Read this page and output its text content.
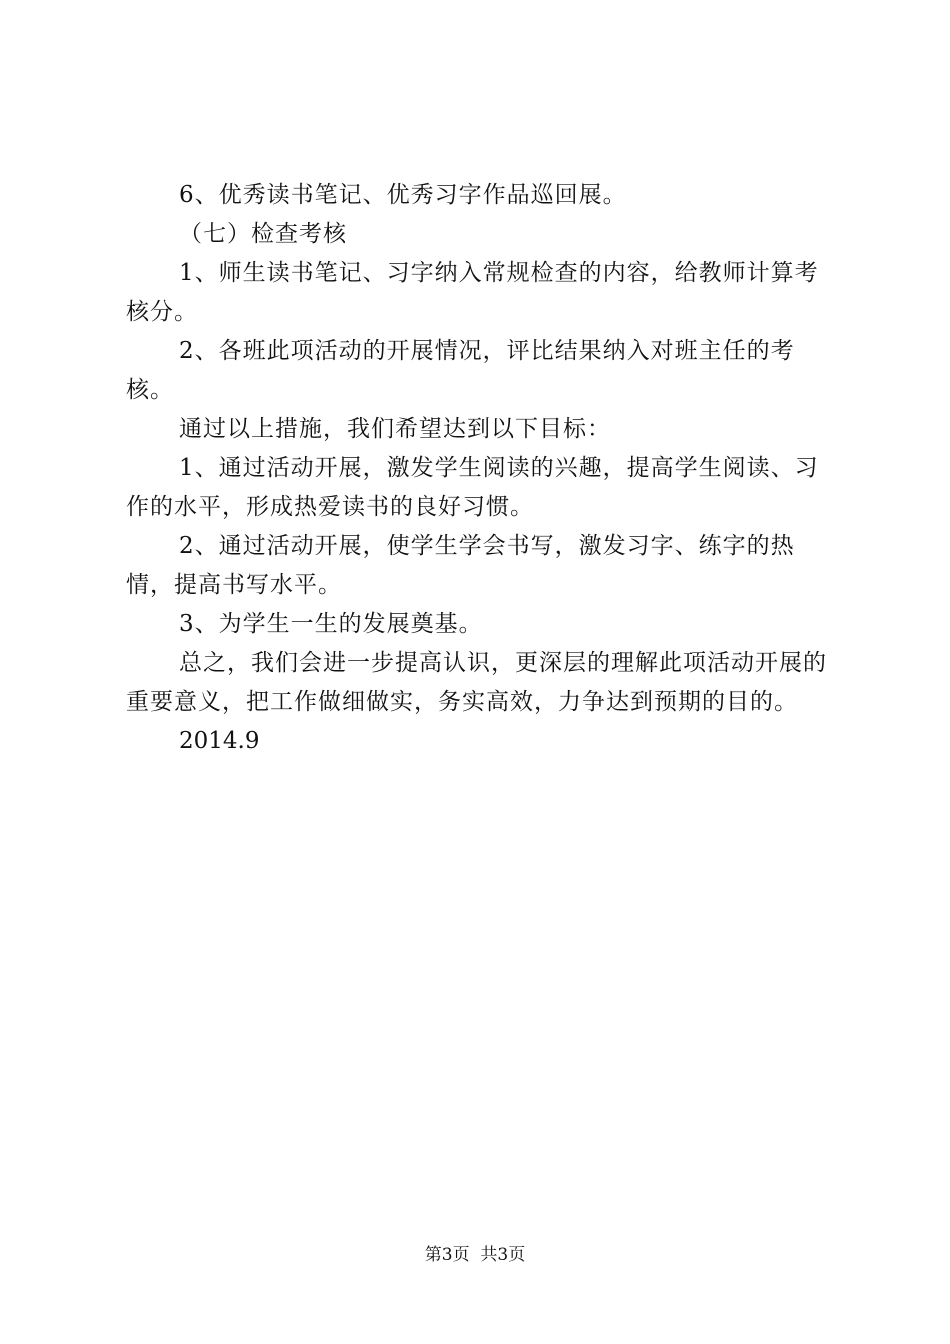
6、优秀读书笔记、优秀习字作品巡回展。

（七）检查考核

1、师生读书笔记、习字纳入常规检查的内容，给教师计算考核分。

2、各班此项活动的开展情况，评比结果纳入对班主任的考核。

通过以上措施，我们希望达到以下目标：

1、通过活动开展，激发学生阅读的兴趣，提高学生阅读、习作的水平，形成热爱读书的良好习惯。

2、通过活动开展，使学生学会书写，激发习字、练字的热情，提高书写水平。

3、为学生一生的发展奠基。

总之，我们会进一步提高认识，更深层的理解此项活动开展的重要意义，把工作做细做实，务实高效，力争达到预期的目的。

2014.9

第3页  共3页
